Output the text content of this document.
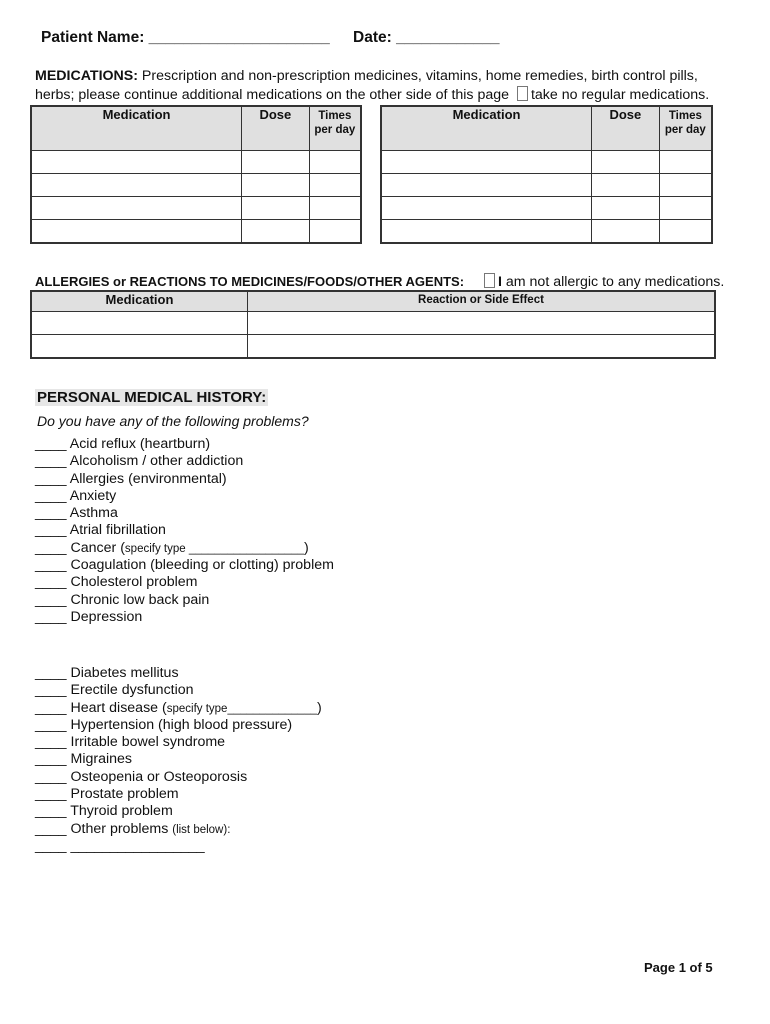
Patient Name: _____________________ Date: ____________
MEDICATIONS: Prescription and non-prescription medicines, vitamins, home remedies, birth control pills, herbs; please continue additional medications on the other side of this page take no regular medications.
Medication	Dose	Times per day

Medication	Dose	Times per day

ALLERGIES or REACTIONS TO MEDICINES/FOODS/OTHER AGENTS:	I am not allergic to any medications.
Medication	Reaction or Side Effect

PERSONAL MEDICAL HISTORY:
Do you have any of the following problems?
____ Acid reflux (heartburn)
____ Alcoholism / other addiction
____ Allergies (environmental)
____ Anxiety
____ Asthma
____ Atrial fibrillation
____ Cancer (specify type __________________)
____ Coagulation (bleeding or clotting) problem
____ Cholesterol problem
____ Chronic low back pain
____ Depression
____ Diabetes mellitus
____ Erectile dysfunction
____ Heart disease (specify type______________)
____ Hypertension (high blood pressure)
____ Irritable bowel syndrome
____ Migraines
____ Osteopenia or Osteoporosis
____ Prostate problem
____ Thyroid problem
____ Other problems (list below):
____ _________________
Page 1 of 5
